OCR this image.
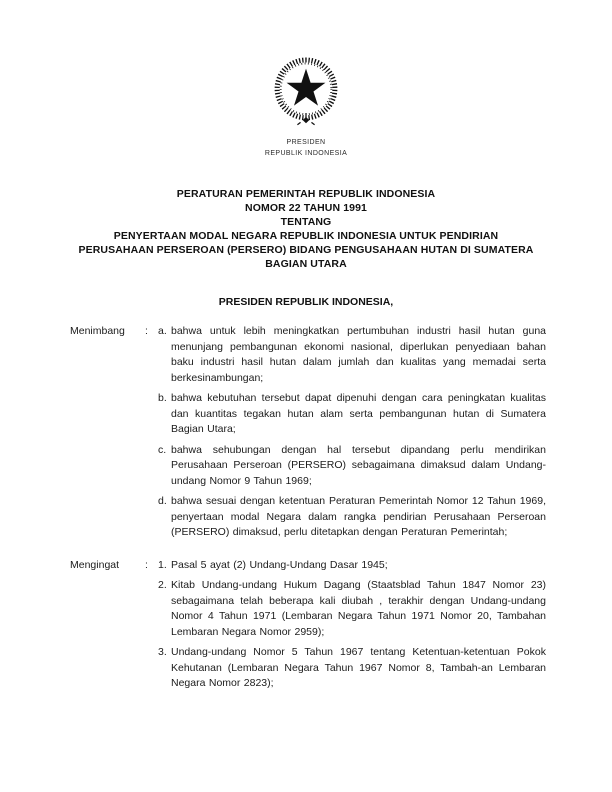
PRESIDEN
REPUBLIK INDONESIA
PERATURAN PEMERINTAH REPUBLIK INDONESIA
NOMOR 22 TAHUN 1991
TENTANG
PENYERTAAN MODAL NEGARA REPUBLIK INDONESIA UNTUK PENDIRIAN
PERUSAHAAN PERSEROAN (PERSERO) BIDANG PENGUSAHAAN HUTAN DI SUMATERA
BAGIAN UTARA
PRESIDEN REPUBLIK INDONESIA,
Menimbang	: a. bahwa untuk lebih meningkatkan pertumbuhan industri hasil hutan guna menunjang pembangunan ekonomi nasional, diperlukan penyediaan bahan baku industri hasil hutan dalam jumlah dan kualitas yang memadai serta berkesinambungan;
b. bahwa kebutuhan tersebut dapat dipenuhi dengan cara peningkatan kualitas dan kuantitas tegakan hutan alam serta pembangunan hutan di Sumatera Bagian Utara;
c. bahwa sehubungan dengan hal tersebut dipandang perlu mendirikan Perusahaan Perseroan (PERSERO) sebagaimana dimaksud dalam Undang-undang Nomor 9 Tahun 1969;
d. bahwa sesuai dengan ketentuan Peraturan Pemerintah Nomor 12 Tahun 1969, penyertaan modal Negara dalam rangka pendirian Perusahaan Perseroan (PERSERO) dimaksud, perlu ditetapkan dengan Peraturan Pemerintah;
Mengingat	: 1. Pasal 5 ayat (2) Undang-Undang Dasar 1945;
2. Kitab Undang-undang Hukum Dagang (Staatsblad Tahun 1847 Nomor 23) sebagaimana telah beberapa kali diubah , terakhir dengan Undang-undang Nomor 4 Tahun 1971 (Lembaran Negara Tahun 1971 Nomor 20, Tambahan Lembaran Negara Nomor 2959);
3. Undang-undang Nomor 5 Tahun 1967 tentang Ketentuan-ketentuan Pokok Kehutanan (Lembaran Negara Tahun 1967 Nomor 8, Tambah-an Lembaran Negara Nomor 2823);
